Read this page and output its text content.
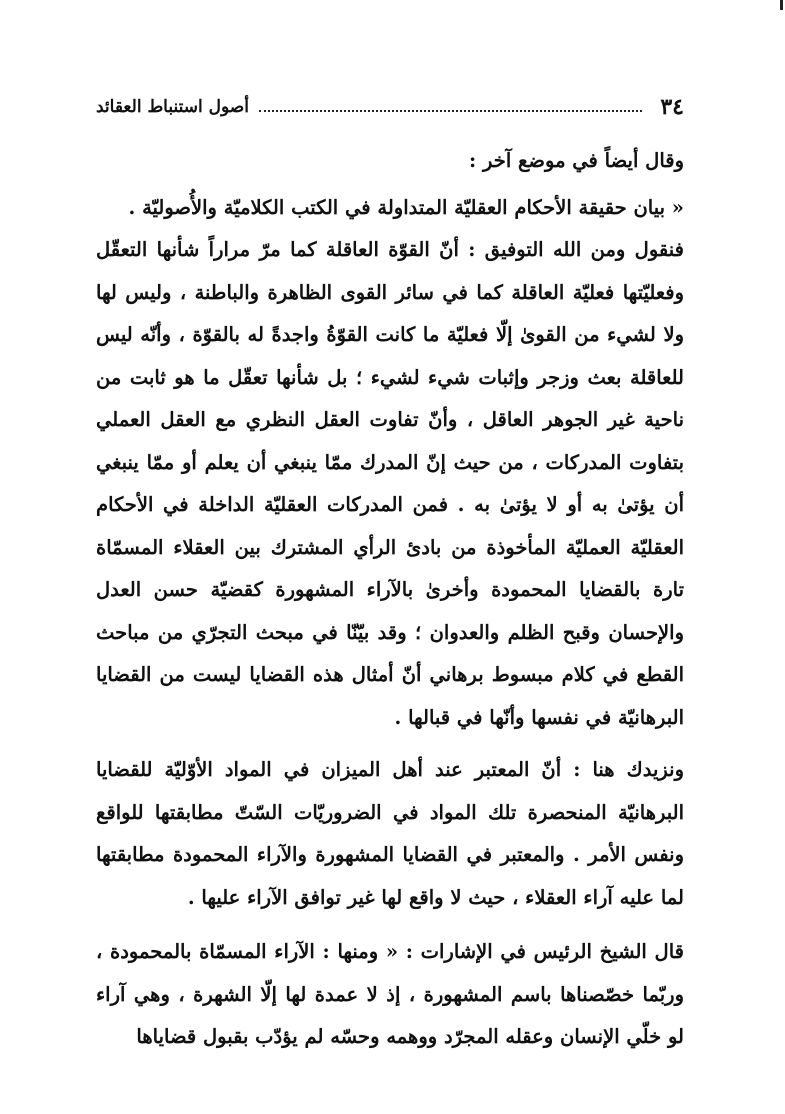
٣٤
أصول استنباط العقائد

وقال أيضاً في موضع آخر :

« بيان حقيقة الأحكام العقليّة المتداولة في الكتب الكلاميّة والأُصوليّة .

فنقول ومن الله التوفيق : أنّ القوّة العاقلة كما مرّ مراراً شأنها التعقّل وفعليّتها فعليّة العاقلة كما في سائر القوى الظاهرة والباطنة ، وليس لها ولا لشيء من القوىٰ إلّا فعليّة ما كانت القوّةُ واجدةً له بالقوّة ، وأنّه ليس للعاقلة بعث وزجر وإثبات شيء لشيء ؛ بل شأنها تعقّل ما هو ثابت من ناحية غير الجوهر العاقل ، وأنّ تفاوت العقل النظري مع العقل العملي بتفاوت المدركات ، من حيث إنّ المدرك ممّا ينبغي أن يعلم أو ممّا ينبغي أن يؤتىٰ به أو لا يؤتىٰ به . فمن المدركات العقليّة الداخلة في الأحكام العقليّة العمليّة المأخوذة من بادئ الرأي المشترك بين العقلاء المسمّاة تارة بالقضايا المحمودة وأخرىٰ بالآراء المشهورة كقضيّة حسن العدل والإحسان وقبح الظلم والعدوان ؛ وقد بيّنّا في مبحث التجرّي من مباحث القطع في كلام مبسوط برهاني أنّ أمثال هذه القضايا ليست من القضايا البرهانيّة في نفسها وأنّها في قبالها .

ونزيدك هنا : أنّ المعتبر عند أهل الميزان في المواد الأوّليّة للقضايا البرهانيّة المنحصرة تلك المواد في الضروريّات السّتّ مطابقتها للواقع ونفس الأمر . والمعتبر في القضايا المشهورة والآراء المحمودة مطابقتها لما عليه آراء العقلاء ، حيث لا واقع لها غير توافق الآراء عليها .

قال الشيخ الرئيس في الإشارات : « ومنها : الآراء المسمّاة بالمحمودة ، وربّما خصّصناها باسم المشهورة ، إذ لا عمدة لها إلّا الشهرة ، وهي آراء لو خلّي الإنسان وعقله المجرّد ووهمه وحسّه لم يؤدّب بقبول قضاياها
